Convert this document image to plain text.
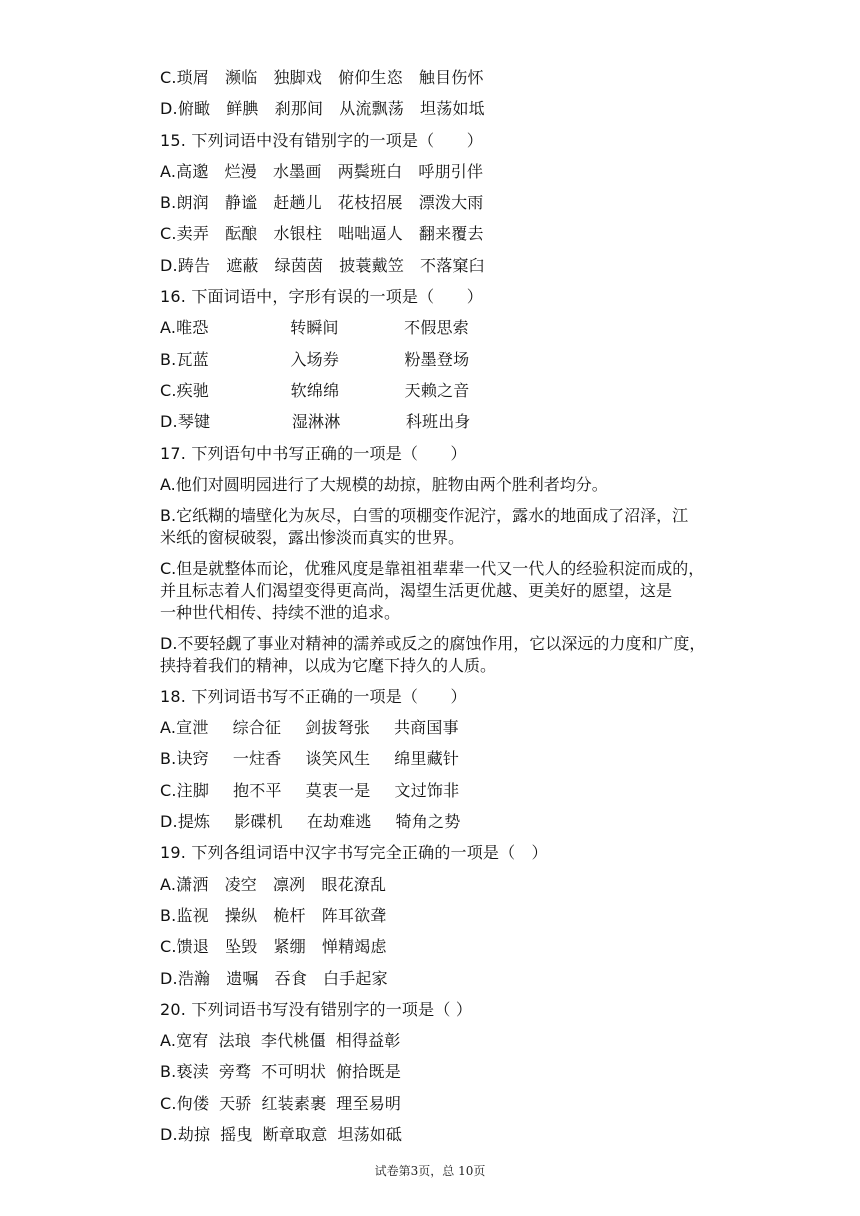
C.琐屑 濒临 独脚戏 俯仰生恣 触目伤怀
D.俯瞰 鲜腆 刹那间 从流飘荡 坦荡如坻
15. 下列词语中没有错别字的一项是（　　）
A.高邈 烂漫 水墨画 两鬓班白 呼朋引伴
B.朗润 静谧 赶趟儿 花枝招展 漂泼大雨
C.卖弄 酝酿 水银柱 咄咄逼人 翻来覆去
D.踌告 遮蔽 绿茵茵 披蓑戴笠 不落窠臼
16. 下面词语中，字形有误的一项是（　　）
A.唯恐	转瞬间	不假思索
B.瓦蓝	入场券	粉墨登场
C.疾驰	软绵绵	天赖之音
D.琴键	湿淋淋	科班出身
17. 下列语句中书写正确的一项是（　　）
A.他们对圆明园进行了大规模的劫掠，脏物由两个胜利者均分。
B.它纸糊的墙壁化为灰尽，白雪的项棚变作泥泞，露水的地面成了沼泽，江
米纸的窗棂破裂，露出惨淡而真实的世界。
C.但是就整体而论，优雅风度是靠祖祖辈辈一代又一代人的经验积淀而成的，
并且标志着人们渴望变得更高尚，渴望生活更优越、更美好的愿望，这是
一种世代相传、持续不泄的追求。
D.不要轻觑了事业对精神的濡养或反之的腐蚀作用，它以深远的力度和广度，
挟持着我们的精神，以成为它麾下持久的人质。
18. 下列词语书写不正确的一项是（　　）
A.宣泄 综合征 剑拔弩张 共商国事
B.诀窍 一炷香 谈笑风生 绵里藏针
C.注脚 抱不平 莫衷一是 文过饰非
D.提炼 影碟机 在劫难逃 犄角之势
19. 下列各组词语中汉字书写完全正确的一项是（　）
A.潇洒 凌空 凛冽 眼花潦乱
B.监视 操纵 桅杆 阵耳欲聋
C.馈退 坠毁 紧绷 惮精竭虑
D.浩瀚 遗嘱 吞食 白手起家
20. 下列词语书写没有错别字的一项是（ ）
A.宽宥 法琅 李代桃僵 相得益彰
B.亵渎 旁骛 不可明状 俯拾既是
C.佝偻 天骄 红装素裹 理至易明
D.劫掠 摇曳 断章取意 坦荡如砥
试卷第3页，总 10页
